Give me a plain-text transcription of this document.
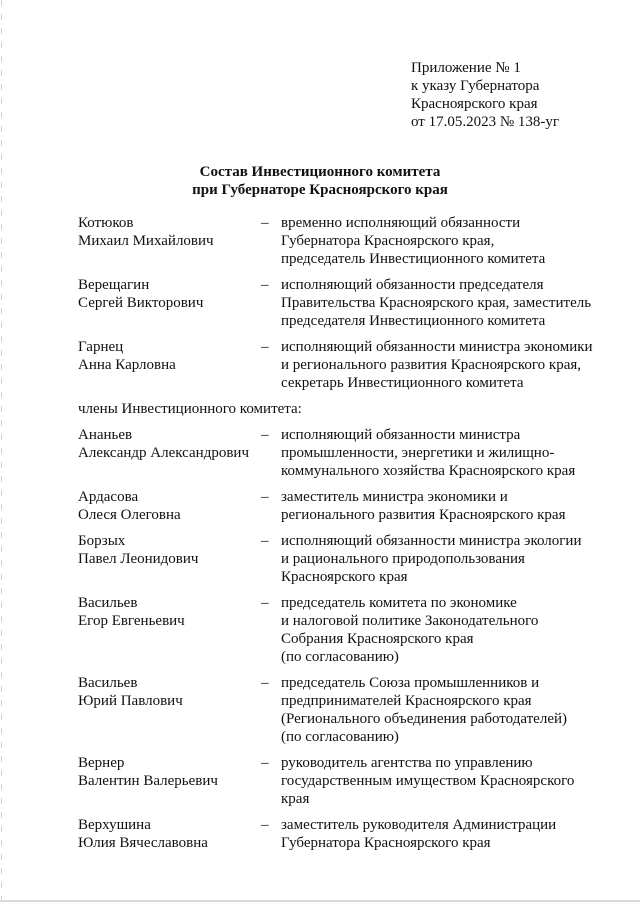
Приложение № 1
к указу Губернатора
Красноярского края
от 17.05.2023 № 138-уг
Состав Инвестиционного комитета
при Губернаторе Красноярского края
Котюков
Михаил Михайлович
– временно исполняющий обязанности
Губернатора Красноярского края,
председатель Инвестиционного комитета
Верещагин
Сергей Викторович
– исполняющий обязанности председателя
Правительства Красноярского края, заместитель
председателя Инвестиционного комитета
Гарнец
Анна Карловна
– исполняющий обязанности министра экономики
и регионального развития Красноярского края,
секретарь Инвестиционного комитета
члены Инвестиционного комитета:
Ананьев
Александр Александрович
– исполняющий обязанности министра
промышленности, энергетики и жилищно-
коммунального хозяйства Красноярского края
Ардасова
Олеся Олеговна
– заместитель министра экономики и
регионального развития Красноярского края
Борзых
Павел Леонидович
– исполняющий обязанности министра экологии
и рационального природопользования
Красноярского края
Васильев
Егор Евгеньевич
– председатель комитета по экономике
и налоговой политике Законодательного
Собрания Красноярского края
(по согласованию)
Васильев
Юрий Павлович
– председатель Союза промышленников и
предпринимателей Красноярского края
(Регионального объединения работодателей)
(по согласованию)
Вернер
Валентин Валерьевич
– руководитель агентства по управлению
государственным имуществом Красноярского
края
Верхушина
Юлия Вячеславовна
– заместитель руководителя Администрации
Губернатора Красноярского края
